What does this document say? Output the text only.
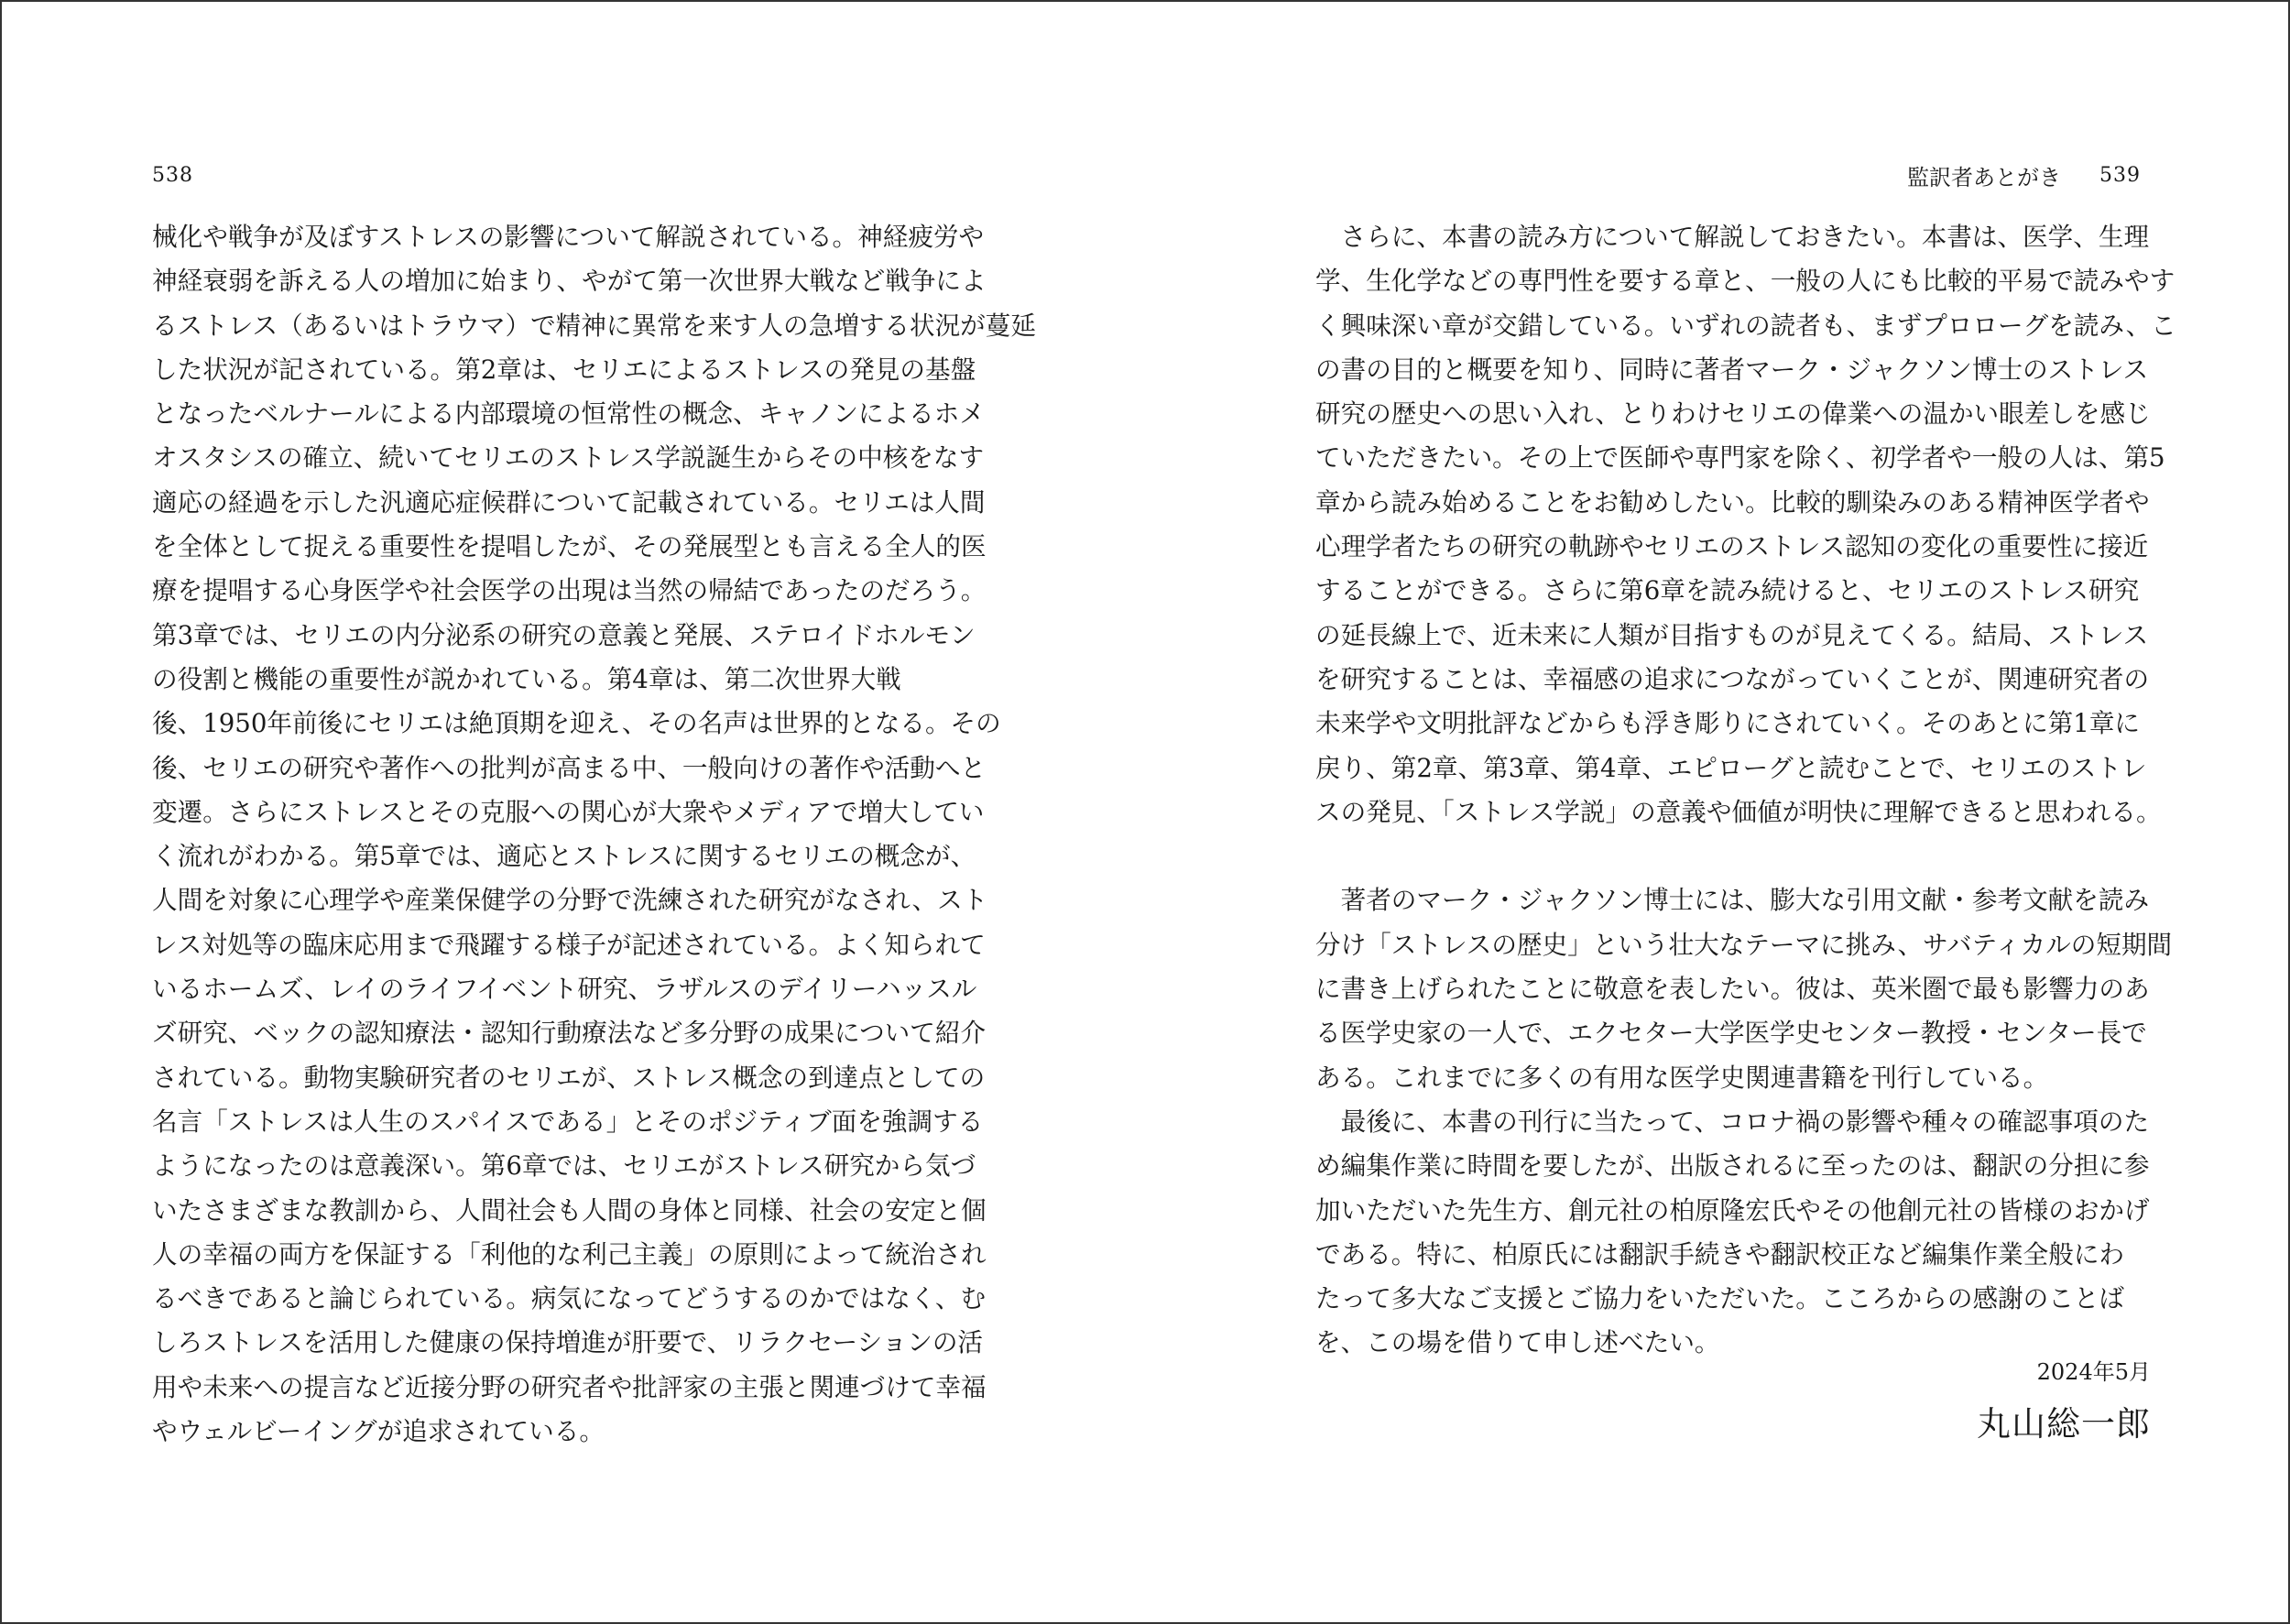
538
械化や戦争が及ぼすストレスの影響について解説されている。神経疲労や
神経衰弱を訴える人の増加に始まり、やがて第一次世界大戦など戦争によ
るストレス（あるいはトラウマ）で精神に異常を来す人の急増する状況が蔓延
した状況が記されている。第2章は、セリエによるストレスの発見の基盤
となったベルナールによる内部環境の恒常性の概念、キャノンによるホメ
オスタシスの確立、続いてセリエのストレス学説誕生からその中核をなす
適応の経過を示した汎適応症候群について記載されている。セリエは人間
を全体として捉える重要性を提唱したが、その発展型とも言える全人的医
療を提唱する心身医学や社会医学の出現は当然の帰結であったのだろう。
第3章では、セリエの内分泌系の研究の意義と発展、ステロイドホルモン
の役割と機能の重要性が説かれている。第4章は、第二次世界大戦
後、1950年前後にセリエは絶頂期を迎え、その名声は世界的となる。その
後、セリエの研究や著作への批判が高まる中、一般向けの著作や活動へと
変遷。さらにストレスとその克服への関心が大衆やメディアで増大してい
く流れがわかる。第5章では、適応とストレスに関するセリエの概念が、
人間を対象に心理学や産業保健学の分野で洗練された研究がなされ、スト
レス対処等の臨床応用まで飛躍する様子が記述されている。よく知られて
いるホームズ、レイのライフイベント研究、ラザルスのデイリーハッスル
ズ研究、ベックの認知療法・認知行動療法など多分野の成果について紹介
されている。動物実験研究者のセリエが、ストレス概念の到達点としての
名言「ストレスは人生のスパイスである」とそのポジティブ面を強調する
ようになったのは意義深い。第6章では、セリエがストレス研究から気づ
いたさまざまな教訓から、人間社会も人間の身体と同様、社会の安定と個
人の幸福の両方を保証する「利他的な利己主義」の原則によって統治され
るべきであると論じられている。病気になってどうするのかではなく、む
しろストレスを活用した健康の保持増進が肝要で、リラクセーションの活
用や未来への提言など近接分野の研究者や批評家の主張と関連づけて幸福
やウェルビーイングが追求されている。
監訳者あとがき 539
　さらに、本書の読み方について解説しておきたい。本書は、医学、生理
学、生化学などの専門性を要する章と、一般の人にも比較的平易で読みやす
く興味深い章が交錯している。いずれの読者も、まずプロローグを読み、こ
の書の目的と概要を知り、同時に著者マーク・ジャクソン博士のストレス
研究の歴史への思い入れ、とりわけセリエの偉業への温かい眼差しを感じ
ていただきたい。その上で医師や専門家を除く、初学者や一般の人は、第5
章から読み始めることをお勧めしたい。比較的馴染みのある精神医学者や
心理学者たちの研究の軌跡やセリエのストレス認知の変化の重要性に接近
することができる。さらに第6章を読み続けると、セリエのストレス研究
の延長線上で、近未来に人類が目指すものが見えてくる。結局、ストレス
を研究することは、幸福感の追求につながっていくことが、関連研究者の
未来学や文明批評などからも浮き彫りにされていく。そのあとに第1章に
戻り、第2章、第3章、第4章、エピローグと読むことで、セリエのストレ
スの発見、「ストレス学説」の意義や価値が明快に理解できると思われる。
　著者のマーク・ジャクソン博士には、膨大な引用文献・参考文献を読み
分け「ストレスの歴史」という壮大なテーマに挑み、サバティカルの短期間
に書き上げられたことに敬意を表したい。彼は、英米圏で最も影響力のあ
る医学史家の一人で、エクセター大学医学史センター教授・センター長で
ある。これまでに多くの有用な医学史関連書籍を刊行している。
　最後に、本書の刊行に当たって、コロナ禍の影響や種々の確認事項のた
め編集作業に時間を要したが、出版されるに至ったのは、翻訳の分担に参
加いただいた先生方、創元社の柏原隆宏氏やその他創元社の皆様のおかげ
である。特に、柏原氏には翻訳手続きや翻訳校正など編集作業全般にわ
たって多大なご支援とご協力をいただいた。こころからの感謝のことば
を、この場を借りて申し述べたい。
2024年5月
丸山総一郎
